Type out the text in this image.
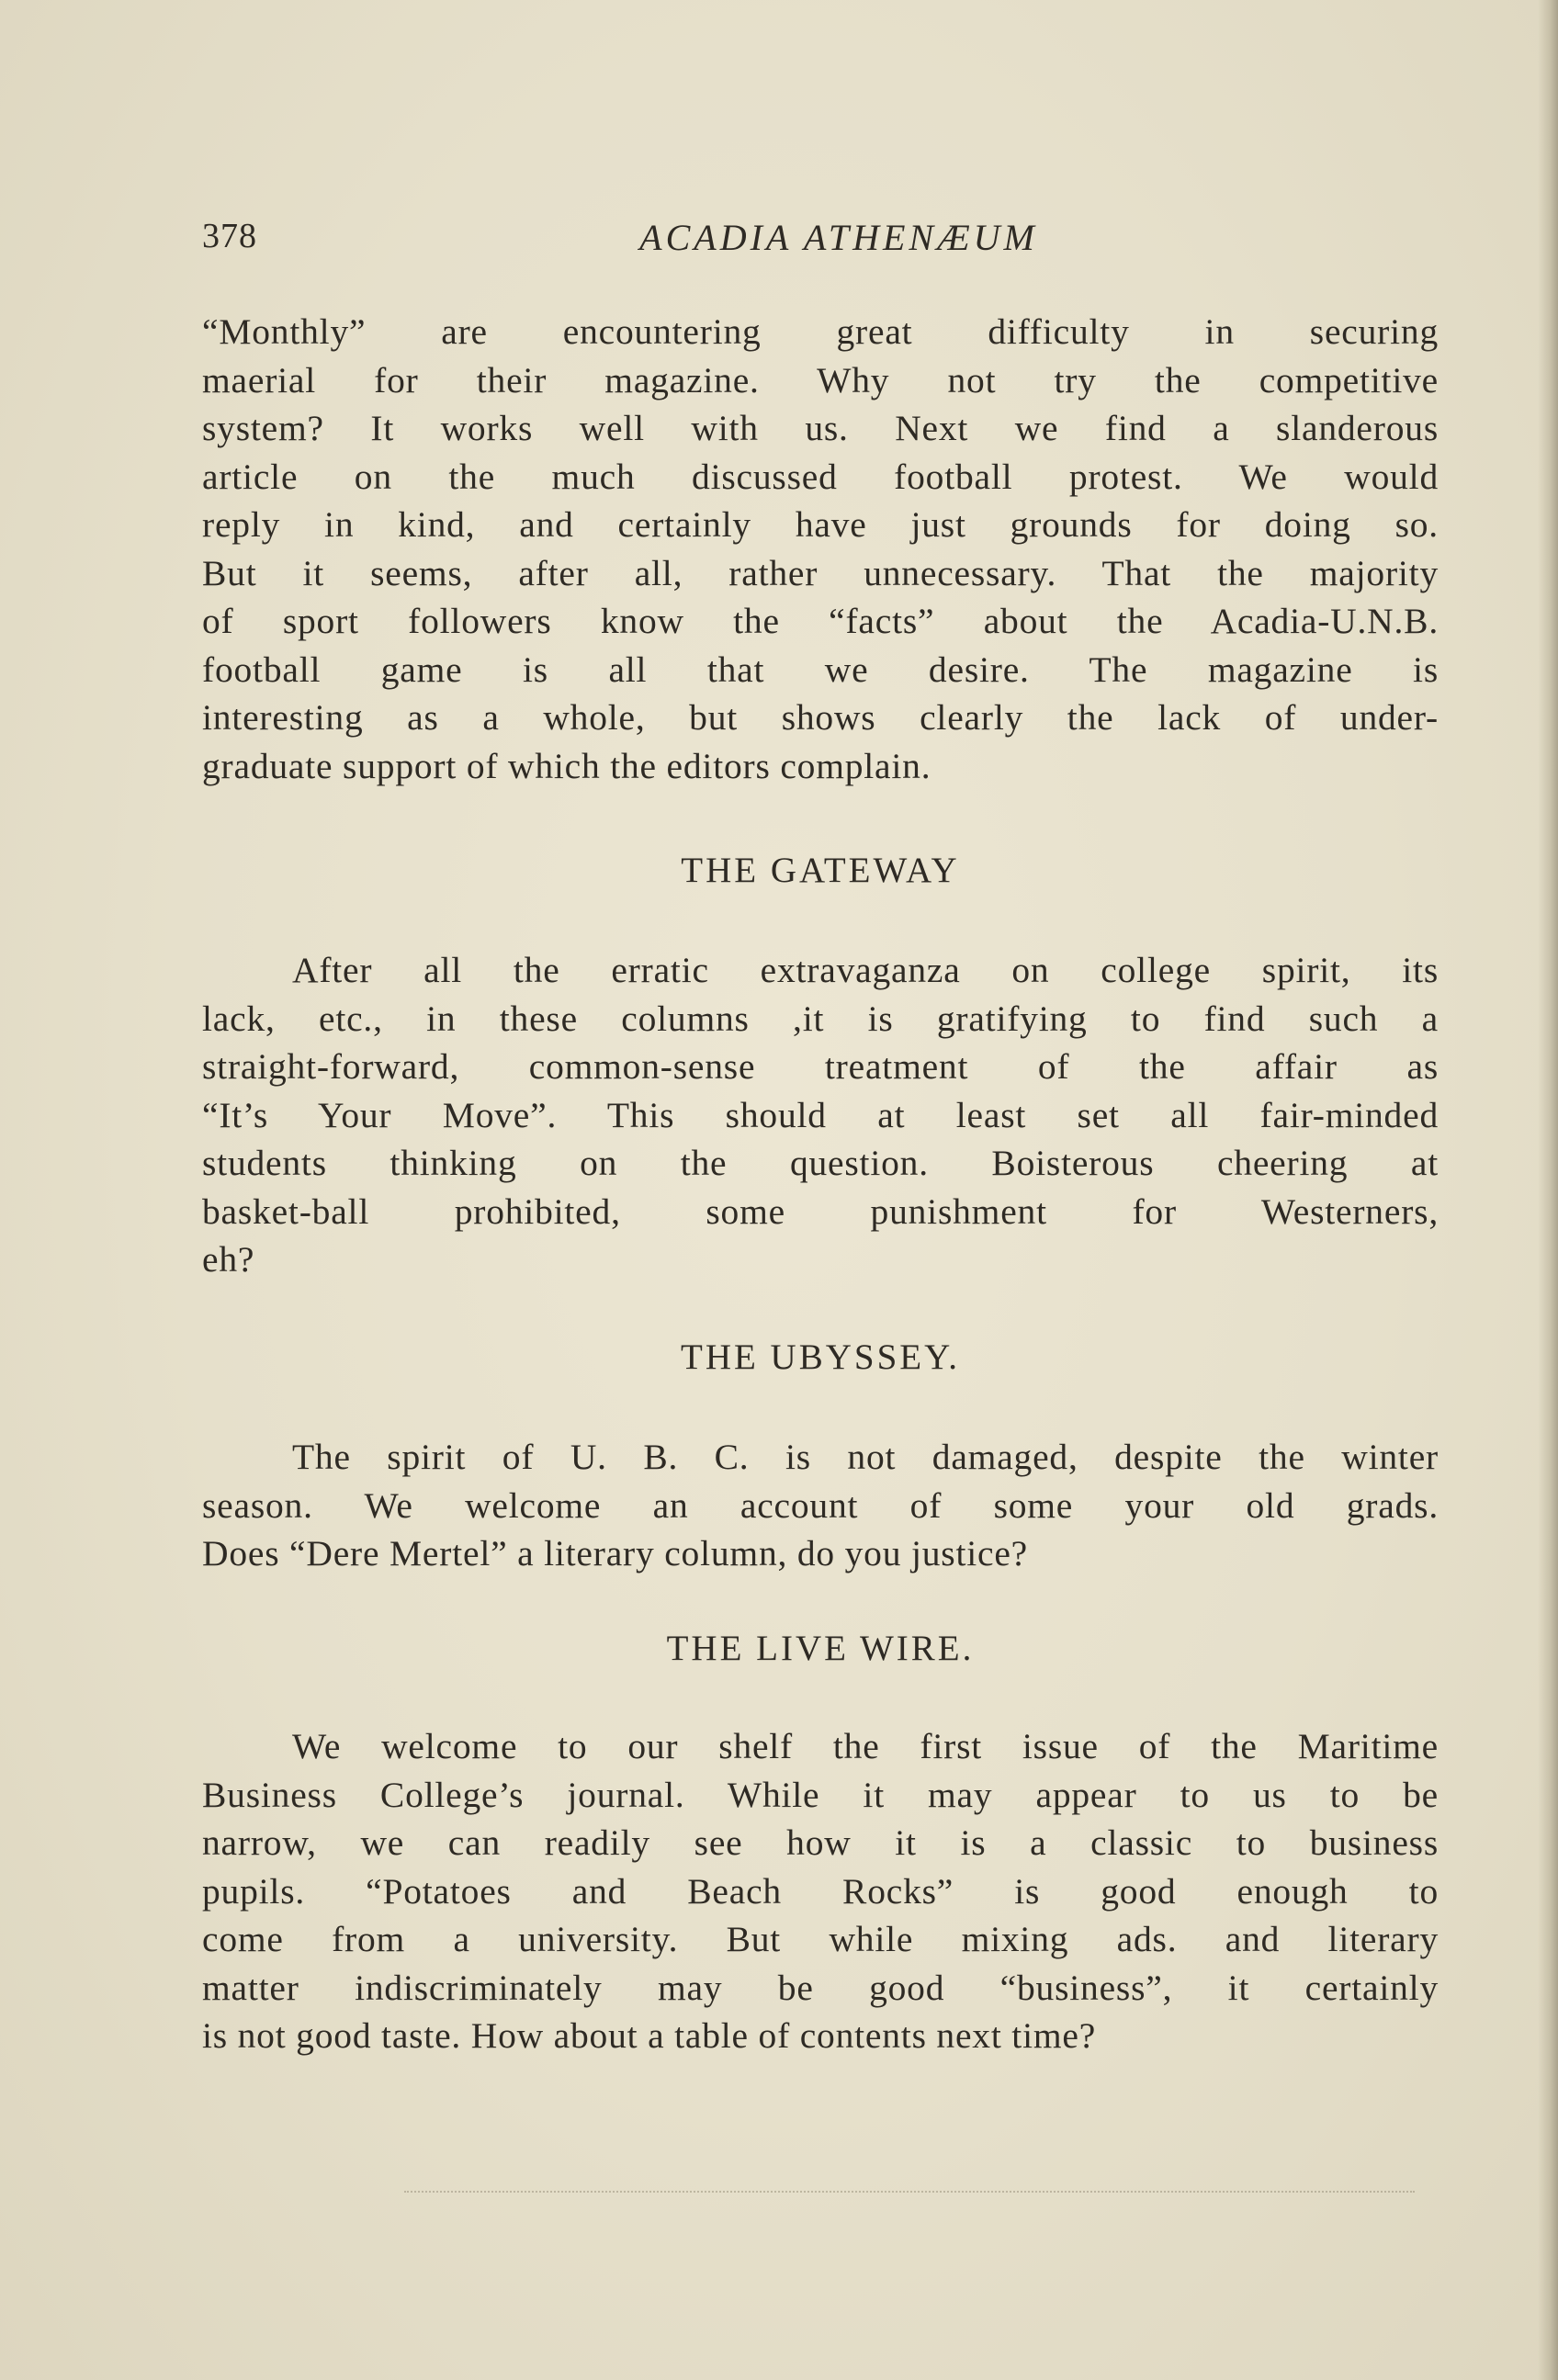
378	ACADIA ATHENÆUM
“Monthly” are encountering great difficulty in securing
maerial for their magazine. Why not try the competitive
system? It works well with us. Next we find a slanderous
article on the much discussed football protest. We would
reply in kind, and certainly have just grounds for doing so.
But it seems, after all, rather unnecessary. That the majority
of sport followers know the “facts” about the Acadia-U.N.B.
football game is all that we desire. The magazine is
interesting as a whole, but shows clearly the lack of under-
graduate support of which the editors complain.
THE GATEWAY
After all the erratic extravaganza on college spirit, its
lack, etc., in these columns ,it is gratifying to find such a
straight-forward, common-sense treatment of the affair as
“It’s Your Move”. This should at least set all fair-minded
students thinking on the question. Boisterous cheering at
basket-ball prohibited, some punishment for Westerners,
eh?
THE UBYSSEY.
The spirit of U. B. C. is not damaged, despite the winter
season. We welcome an account of some your old grads.
Does “Dere Mertel” a literary column, do you justice?
THE LIVE WIRE.
We welcome to our shelf the first issue of the Maritime
Business College’s journal. While it may appear to us to be
narrow, we can readily see how it is a classic to business
pupils. “Potatoes and Beach Rocks” is good enough to
come from a university. But while mixing ads. and literary
matter indiscriminately may be good “business”, it certainly
is not good taste. How about a table of contents next time?
